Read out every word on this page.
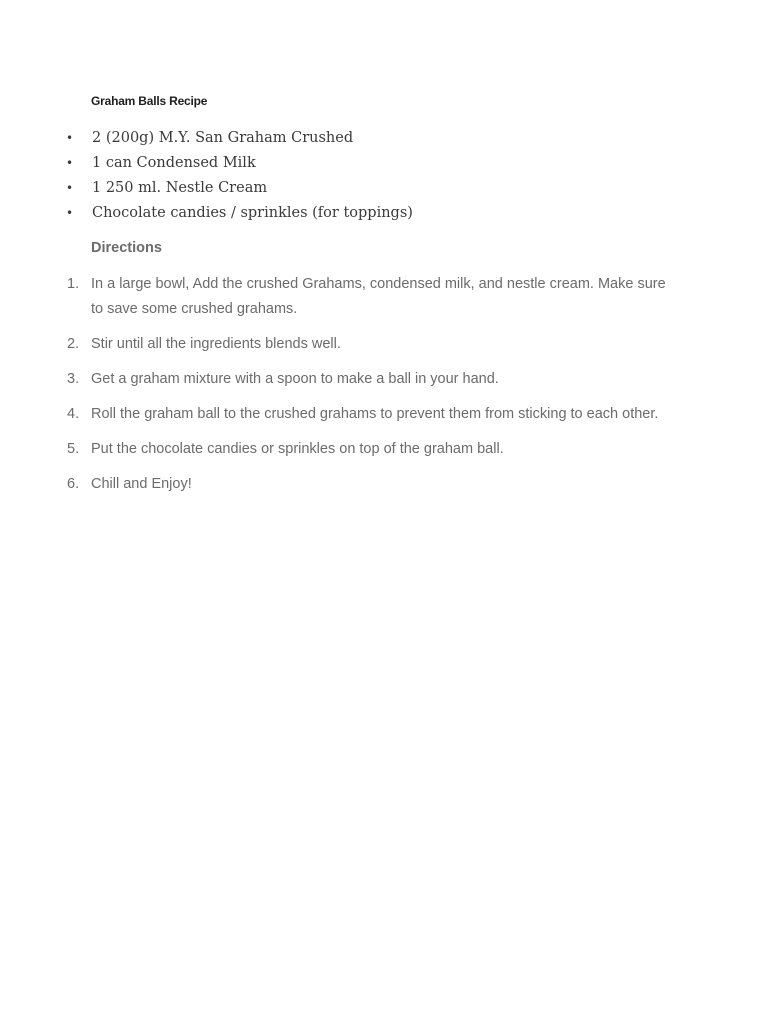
Graham Balls Recipe
• 2 (200g) M.Y. San Graham Crushed
• 1 can Condensed Milk
• 1 250 ml. Nestle Cream
• Chocolate candies / sprinkles (for toppings)
Directions
1. In a large bowl, Add the crushed Grahams, condensed milk, and nestle cream. Make sure to save some crushed grahams.
2. Stir until all the ingredients blends well.
3. Get a graham mixture with a spoon to make a ball in your hand.
4. Roll the graham ball to the crushed grahams to prevent them from sticking to each other.
5. Put the chocolate candies or sprinkles on top of the graham ball.
6. Chill and Enjoy!
